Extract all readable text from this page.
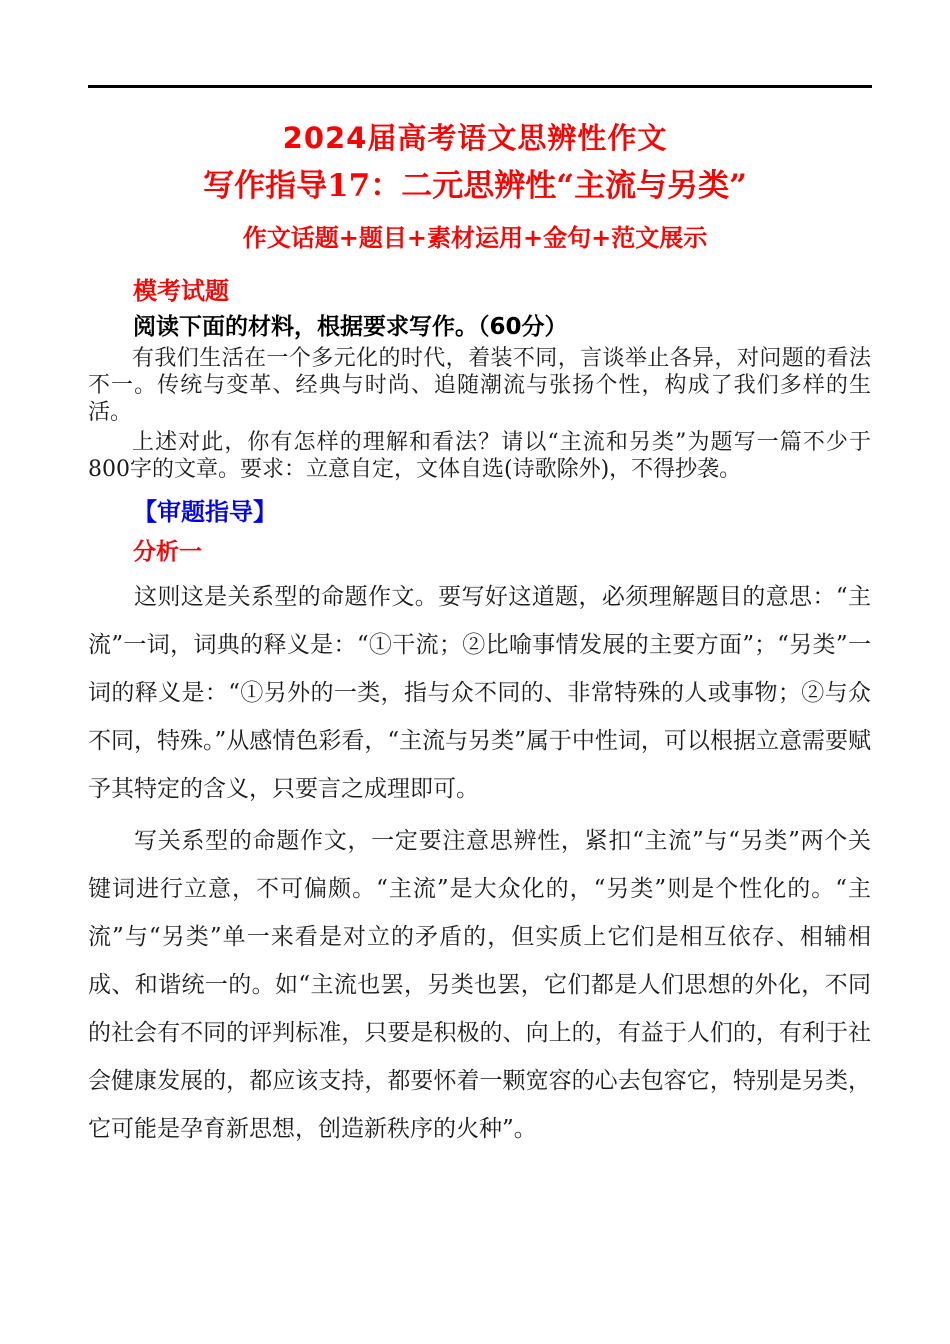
2024届高考语文思辨性作文
写作指导17：二元思辨性“主流与另类”
作文话题+题目+素材运用+金句+范文展示
模考试题
阅读下面的材料，根据要求写作。（60分）

有我们生活在一个多元化的时代，着装不同，言谈举止各异，对问题的看法不一。传统与变革、经典与时尚、追随潮流与张扬个性，构成了我们多样的生活。

上述对此，你有怎样的理解和看法？请以“主流和另类”为题写一篇不少于800字的文章。要求：立意自定，文体自选(诗歌除外)，不得抄袭。

【审题指导】
分析一

这则这是关系型的命题作文。要写好这道题，必须理解题目的意思：“主流”一词，词典的释义是：“①干流；②比喻事情发展的主要方面”；“另类”一词的释义是：“①另外的一类，指与众不同的、非常特殊的人或事物；②与众不同，特殊。”从感情色彩看，“主流与另类”属于中性词，可以根据立意需要赋予其特定的含义，只要言之成理即可。

写关系型的命题作文，一定要注意思辨性，紧扣“主流”与“另类”两个关键词进行立意，不可偏颇。“主流”是大众化的，“另类”则是个性化的。“主流”与“另类”单一来看是对立的矛盾的，但实质上它们是相互依存、相辅相成、和谐统一的。如“主流也罢，另类也罢，它们都是人们思想的外化，不同的社会有不同的评判标准，只要是积极的、向上的，有益于人们的，有利于社会健康发展的，都应该支持，都要怀着一颗宽容的心去包容它，特别是另类，它可能是孕育新思想，创造新秩序的火种”。
